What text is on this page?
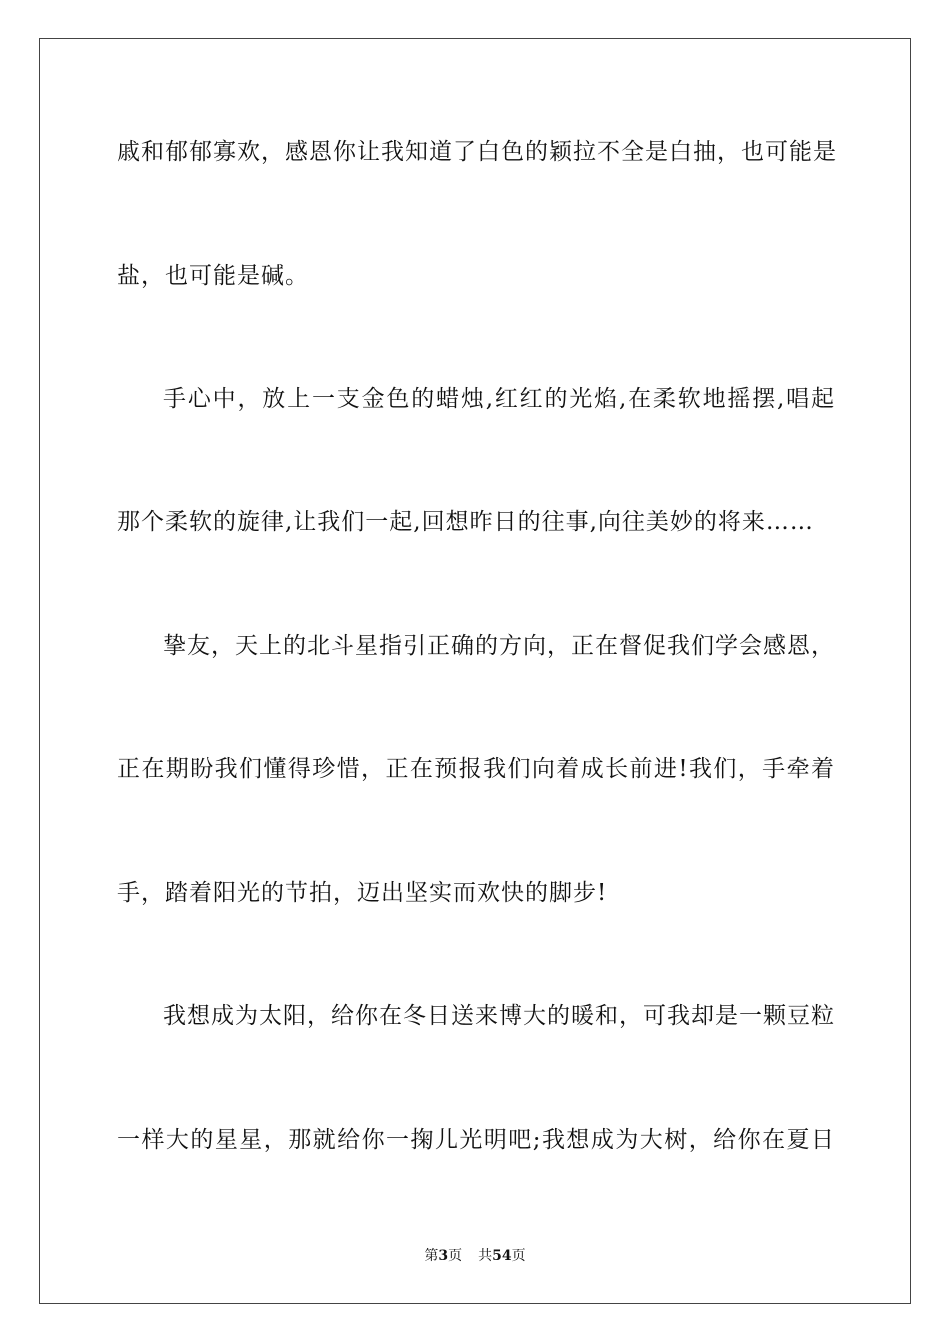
戚和郁郁寡欢，感恩你让我知道了白色的颖拉不全是白抽，也可能是
盐，也可能是碱。
手心中，放上一支金色的蜡烛,红红的光焰,在柔软地摇摆,唱起
那个柔软的旋律,让我们一起,回想昨日的往事,向往美妙的将来……
挚友，天上的北斗星指引正确的方向，正在督促我们学会感恩，
正在期盼我们懂得珍惜，正在预报我们向着成长前进!我们，手牵着
手，踏着阳光的节拍，迈出坚实而欢快的脚步!
我想成为太阳，给你在冬日送来博大的暖和，可我却是一颗豆粒
一样大的星星，那就给你一掬儿光明吧;我想成为大树，给你在夏日
第3页 共54页
